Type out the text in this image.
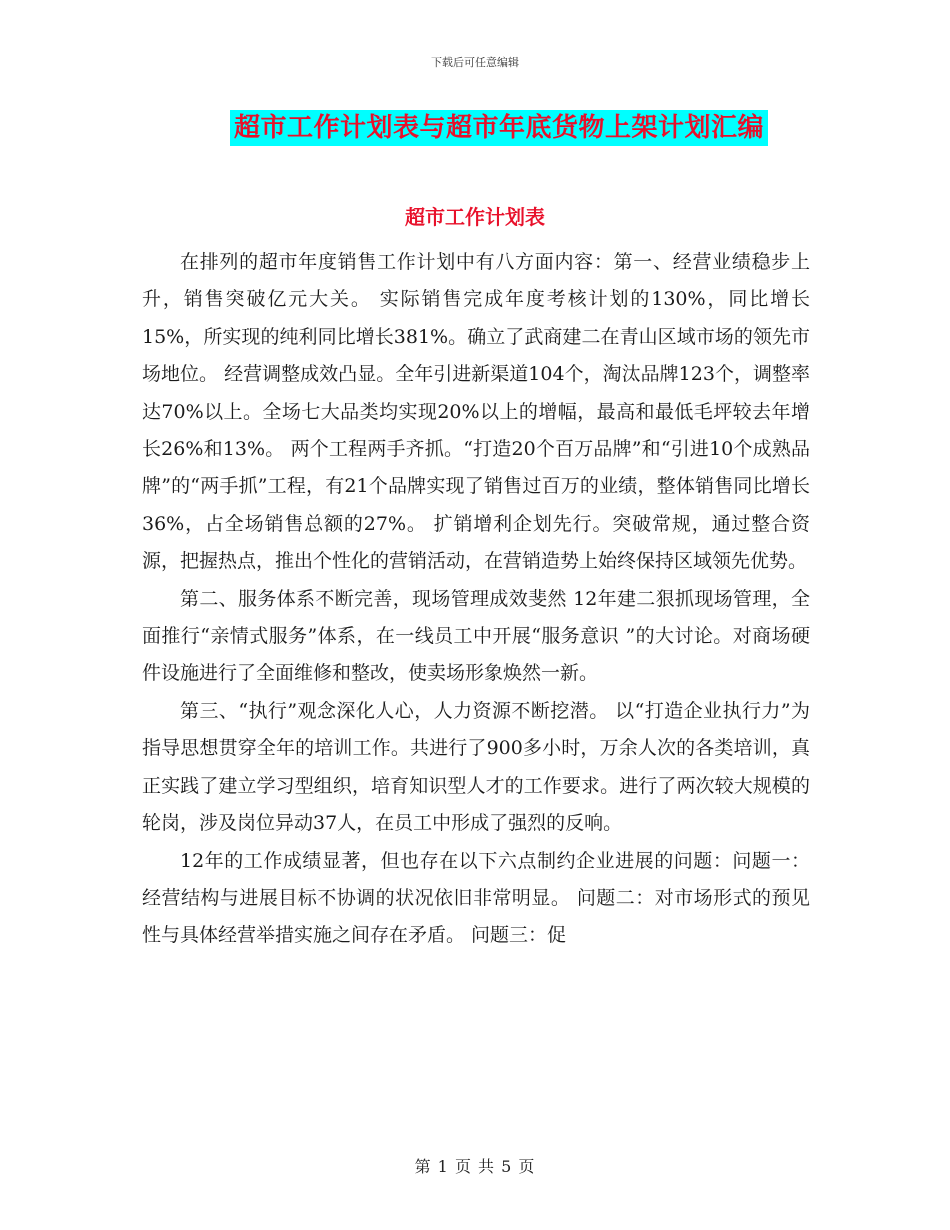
下载后可任意编辑
超市工作计划表与超市年底货物上架计划汇编
超市工作计划表

在排列的超市年度销售工作计划中有八方面内容：第一、经营业绩稳步上升，销售突破亿元大关。 实际销售完成年度考核计划的130%，同比增长15%，所实现的纯利同比增长381%。确立了武商建二在青山区域市场的领先市场地位。 经营调整成效凸显。全年引进新渠道104个，淘汰品牌123个，调整率达70%以上。全场七大品类均实现20%以上的增幅，最高和最低毛坪较去年增长26%和13%。 两个工程两手齐抓。“打造20个百万品牌”和“引进10个成熟品牌”的“两手抓”工程，有21个品牌实现了销售过百万的业绩，整体销售同比增长36%，占全场销售总额的27%。 扩销增利企划先行。突破常规，通过整合资源，把握热点，推出个性化的营销活动，在营销造势上始终保持区域领先优势。

第二、服务体系不断完善，现场管理成效斐然 12年建二狠抓现场管理，全面推行“亲情式服务”体系，在一线员工中开展“服务意识 ”的大讨论。对商场硬件设施进行了全面维修和整改，使卖场形象焕然一新。

第三、“执行”观念深化人心，人力资源不断挖潜。 以“打造企业执行力”为指导思想贯穿全年的培训工作。共进行了900多小时，万余人次的各类培训，真正实践了建立学习型组织，培育知识型人才的工作要求。进行了两次较大规模的轮岗，涉及岗位异动37人，在员工中形成了强烈的反响。

12年的工作成绩显著，但也存在以下六点制约企业进展的问题：问题一：经营结构与进展目标不协调的状况依旧非常明显。 问题二：对市场形式的预见性与具体经营举措实施之间存在矛盾。 问题三：促

第 1 页 共 5 页
